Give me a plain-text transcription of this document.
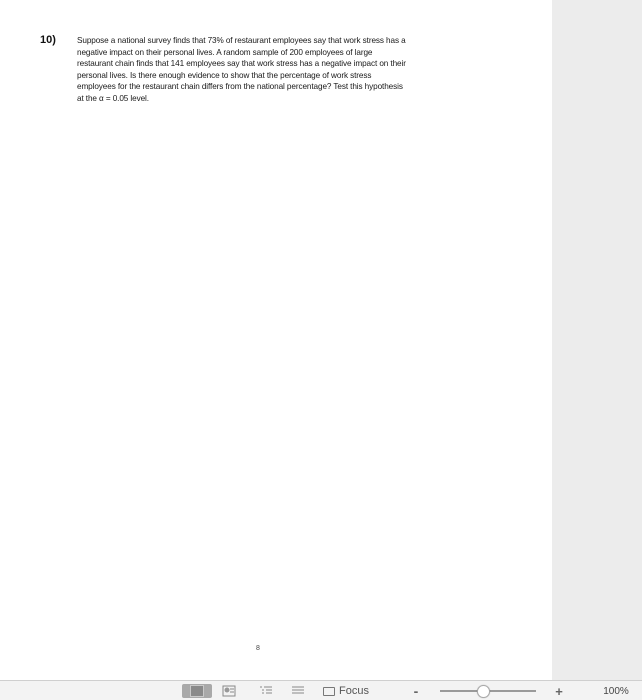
10)	Suppose a national survey finds that 73% of restaurant employees say that work stress has a
negative impact on their personal lives. A random sample of 200 employees of large
restaurant chain finds that 141 employees say that work stress has a negative impact on their
personal lives. Is there enough evidence to show that the percentage of work stress
employees for the restaurant chain differs from the national percentage? Test this hypothesis
at the α = 0.05 level.
8
Focus	-	+	100%
